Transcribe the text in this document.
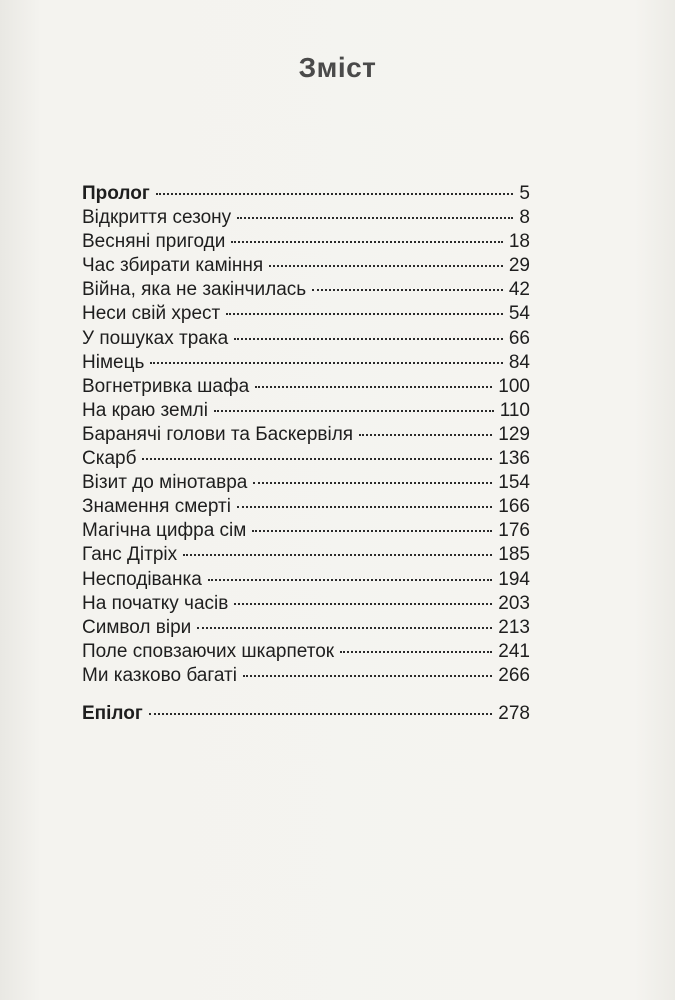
Зміст
Пролог	5
Відкриття сезону	8
Весняні пригоди	18
Час збирати каміння	29
Війна, яка не закінчилась	42
Неси свій хрест	54
У пошуках трака	66
Німець	84
Вогнетривка шафа	100
На краю землі	110
Баранячі голови та Баскервіля	129
Скарб	136
Візит до мінотавра	154
Знамення смерті	166
Магічна цифра сім	176
Ганс Дітріх	185
Несподіванка	194
На початку часів	203
Символ віри	213
Поле сповзаючих шкарпеток	241
Ми казково багаті	266
Епілог	278
